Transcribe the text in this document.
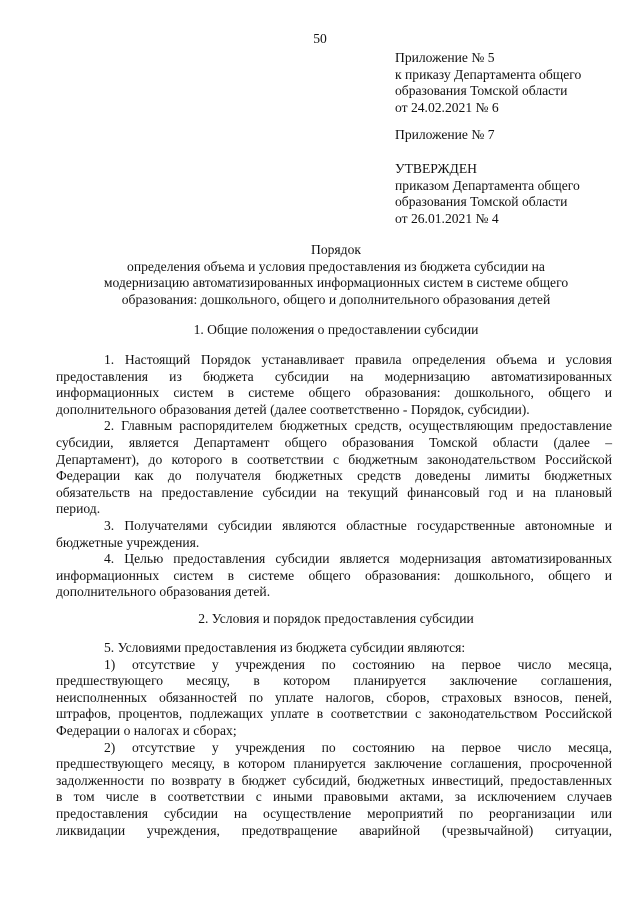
50
Приложение № 5
к приказу Департамента общего
образования Томской области
от 24.02.2021 № 6
Приложение № 7
УТВЕРЖДЕН
приказом Департамента общего
образования Томской области
от 26.01.2021 № 4
Порядок
определения объема и условия предоставления из бюджета субсидии на
модернизацию автоматизированных информационных систем в системе общего
образования: дошкольного, общего и дополнительного образования детей
1. Общие положения о предоставлении субсидии

1. Настоящий Порядок устанавливает правила определения объема и условия
предоставления из бюджета субсидии на модернизацию автоматизированных
информационных систем в системе общего образования: дошкольного, общего и
дополнительного образования детей (далее соответственно - Порядок, субсидии).

2. Главным распорядителем бюджетных средств, осуществляющим предоставление
субсидии, является Департамент общего образования Томской области (далее –
Департамент), до которого в соответствии с бюджетным законодательством Российской
Федерации как до получателя бюджетных средств доведены лимиты бюджетных
обязательств на предоставление субсидии на текущий финансовый год и на плановый
период.

3. Получателями субсидии являются областные государственные автономные и
бюджетные учреждения.

4. Целью предоставления субсидии является модернизация автоматизированных
информационных систем в системе общего образования: дошкольного, общего и
дополнительного образования детей.

2. Условия и порядок предоставления субсидии

5. Условиями предоставления из бюджета субсидии являются:

1) отсутствие у учреждения по состоянию на первое число месяца,
предшествующего месяцу, в котором планируется заключение соглашения,
неисполненных обязанностей по уплате налогов, сборов, страховых взносов, пеней,
штрафов, процентов, подлежащих уплате в соответствии с законодательством Российской
Федерации о налогах и сборах;

2) отсутствие у учреждения по состоянию на первое число месяца,
предшествующего месяцу, в котором планируется заключение соглашения, просроченной
задолженности по возврату в бюджет субсидий, бюджетных инвестиций, предоставленных
в том числе в соответствии с иными правовыми актами, за исключением случаев
предоставления субсидии на осуществление мероприятий по реорганизации или
ликвидации учреждения, предотвращение аварийной (чрезвычайной) ситуации,
